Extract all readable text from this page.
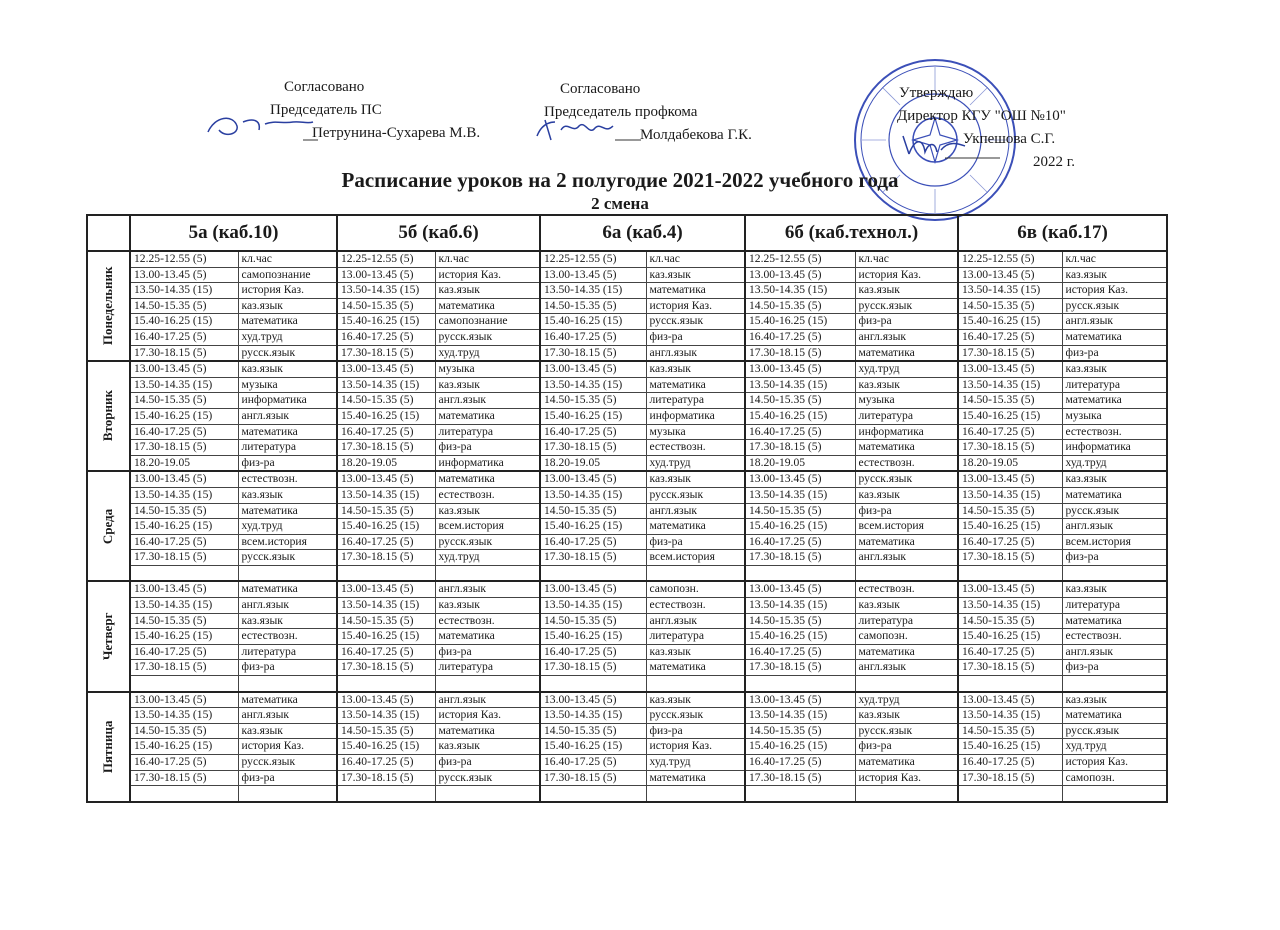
Согласовано
Председатель ПС
Петрунина-Сухарева М.В.
Согласовано
Председатель профкома
Молдабекова Г.К.
Утверждаю
Директор КГУ "ОШ №10"
Укпешова С.Г.
2022 г.
Расписание уроков на 2 полугодие 2021-2022 учебного года
2 смена
	5а (каб.10)		5б (каб.6)		6а (каб.4)		6б (каб.технол.)		6в (каб.17)	
Понедельник	12.25-12.55 (5)	кл.час	12.25-12.55 (5)	кл.час	12.25-12.55 (5)	кл.час	12.25-12.55 (5)	кл.час	12.25-12.55 (5)	кл.час
	13.00-13.45 (5)	самопознание	13.00-13.45 (5)	история Каз.	13.00-13.45 (5)	каз.язык	13.00-13.45 (5)	история Каз.	13.00-13.45 (5)	каз.язык
	13.50-14.35 (15)	история Каз.	13.50-14.35 (15)	каз.язык	13.50-14.35 (15)	математика	13.50-14.35 (15)	каз.язык	13.50-14.35 (15)	история Каз.
	14.50-15.35 (5)	каз.язык	14.50-15.35 (5)	математика	14.50-15.35 (5)	история Каз.	14.50-15.35 (5)	русск.язык	14.50-15.35 (5)	русск.язык
	15.40-16.25 (15)	математика	15.40-16.25 (15)	самопознание	15.40-16.25 (15)	русск.язык	15.40-16.25 (15)	физ-ра	15.40-16.25 (15)	англ.язык
	16.40-17.25 (5)	худ.труд	16.40-17.25 (5)	русск.язык	16.40-17.25 (5)	физ-ра	16.40-17.25 (5)	англ.язык	16.40-17.25 (5)	математика
	17.30-18.15 (5)	русск.язык	17.30-18.15 (5)	худ.труд	17.30-18.15 (5)	англ.язык	17.30-18.15 (5)	математика	17.30-18.15 (5)	физ-ра
Вторник	13.00-13.45 (5)	каз.язык	13.00-13.45 (5)	музыка	13.00-13.45 (5)	каз.язык	13.00-13.45 (5)	худ.труд	13.00-13.45 (5)	каз.язык
	13.50-14.35 (15)	музыка	13.50-14.35 (15)	каз.язык	13.50-14.35 (15)	математика	13.50-14.35 (15)	каз.язык	13.50-14.35 (15)	литература
	14.50-15.35 (5)	информатика	14.50-15.35 (5)	англ.язык	14.50-15.35 (5)	литература	14.50-15.35 (5)	музыка	14.50-15.35 (5)	математика
	15.40-16.25 (15)	англ.язык	15.40-16.25 (15)	математика	15.40-16.25 (15)	информатика	15.40-16.25 (15)	литература	15.40-16.25 (15)	музыка
	16.40-17.25 (5)	математика	16.40-17.25 (5)	литература	16.40-17.25 (5)	музыка	16.40-17.25 (5)	информатика	16.40-17.25 (5)	естествозн.
	17.30-18.15 (5)	литература	17.30-18.15 (5)	физ-ра	17.30-18.15 (5)	естествозн.	17.30-18.15 (5)	математика	17.30-18.15 (5)	информатика
	18.20-19.05	физ-ра	18.20-19.05	информатика	18.20-19.05	худ.труд	18.20-19.05	естествозн.	18.20-19.05	худ.труд
Среда	13.00-13.45 (5)	естествозн.	13.00-13.45 (5)	математика	13.00-13.45 (5)	каз.язык	13.00-13.45 (5)	русск.язык	13.00-13.45 (5)	каз.язык
	13.50-14.35 (15)	каз.язык	13.50-14.35 (15)	естествозн.	13.50-14.35 (15)	русск.язык	13.50-14.35 (15)	каз.язык	13.50-14.35 (15)	математика
	14.50-15.35 (5)	математика	14.50-15.35 (5)	каз.язык	14.50-15.35 (5)	англ.язык	14.50-15.35 (5)	физ-ра	14.50-15.35 (5)	русск.язык
	15.40-16.25 (15)	худ.труд	15.40-16.25 (15)	всем.история	15.40-16.25 (15)	математика	15.40-16.25 (15)	всем.история	15.40-16.25 (15)	англ.язык
	16.40-17.25 (5)	всем.история	16.40-17.25 (5)	русск.язык	16.40-17.25 (5)	физ-ра	16.40-17.25 (5)	математика	16.40-17.25 (5)	всем.история
	17.30-18.15 (5)	русск.язык	17.30-18.15 (5)	худ.труд	17.30-18.15 (5)	всем.история	17.30-18.15 (5)	англ.язык	17.30-18.15 (5)	физ-ра

Четверг	13.00-13.45 (5)	математика	13.00-13.45 (5)	англ.язык	13.00-13.45 (5)	самопозн.	13.00-13.45 (5)	естествозн.	13.00-13.45 (5)	каз.язык
	13.50-14.35 (15)	англ.язык	13.50-14.35 (15)	каз.язык	13.50-14.35 (15)	естествозн.	13.50-14.35 (15)	каз.язык	13.50-14.35 (15)	литература
	14.50-15.35 (5)	каз.язык	14.50-15.35 (5)	естествозн.	14.50-15.35 (5)	англ.язык	14.50-15.35 (5)	литература	14.50-15.35 (5)	математика
	15.40-16.25 (15)	естествозн.	15.40-16.25 (15)	математика	15.40-16.25 (15)	литература	15.40-16.25 (15)	самопозн.	15.40-16.25 (15)	естествозн.
	16.40-17.25 (5)	литература	16.40-17.25 (5)	физ-ра	16.40-17.25 (5)	каз.язык	16.40-17.25 (5)	математика	16.40-17.25 (5)	англ.язык
	17.30-18.15 (5)	физ-ра	17.30-18.15 (5)	литература	17.30-18.15 (5)	математика	17.30-18.15 (5)	англ.язык	17.30-18.15 (5)	физ-ра

Пятница	13.00-13.45 (5)	математика	13.00-13.45 (5)	англ.язык	13.00-13.45 (5)	каз.язык	13.00-13.45 (5)	худ.труд	13.00-13.45 (5)	каз.язык
	13.50-14.35 (15)	англ.язык	13.50-14.35 (15)	история Каз.	13.50-14.35 (15)	русск.язык	13.50-14.35 (15)	каз.язык	13.50-14.35 (15)	математика
	14.50-15.35 (5)	каз.язык	14.50-15.35 (5)	математика	14.50-15.35 (5)	физ-ра	14.50-15.35 (5)	русск.язык	14.50-15.35 (5)	русск.язык
	15.40-16.25 (15)	история Каз.	15.40-16.25 (15)	каз.язык	15.40-16.25 (15)	история Каз.	15.40-16.25 (15)	физ-ра	15.40-16.25 (15)	худ.труд
	16.40-17.25 (5)	русск.язык	16.40-17.25 (5)	физ-ра	16.40-17.25 (5)	худ.труд	16.40-17.25 (5)	математика	16.40-17.25 (5)	история Каз.
	17.30-18.15 (5)	физ-ра	17.30-18.15 (5)	русск.язык	17.30-18.15 (5)	математика	17.30-18.15 (5)	история Каз.	17.30-18.15 (5)	самопозн.
